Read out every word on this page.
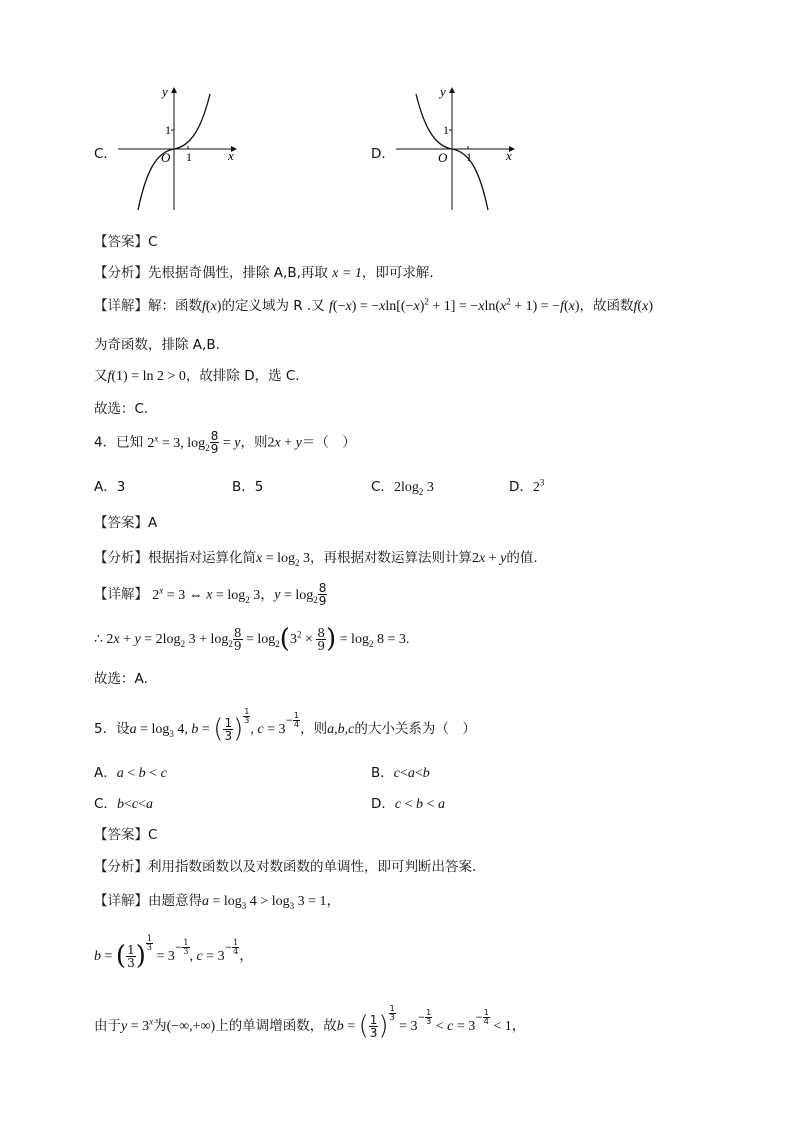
C．
y
x
O 1
1
D．
y
x
O 1
1
【答案】C
【分析】先根据奇偶性，排除 A,B,再取 x = 1，即可求解.
【详解】解：函数f(x)的定义域为 R .又 $f(-x) = -xln[(-x)^2 + 1] = -xln(x^2 + 1) = -f(x)$，故函数f(x)
为奇函数，排除 A,B.
又f(1) = ln 2 > 0，故排除 D，选 C.
故选：C.
4．已知 $2^x = 3$, $\log_2 \frac{8}{9} = y$，则2x + y＝（　）
A．3	B．5	C．$2\log_2$ 3	D．$2^3$
【答案】A
【分析】根据指对运算化简$x = \log_2 3$，再根据对数运算法则计算2x + y的值.
【详解】 $2^x = 3$ ⇔ $x = \log_2 3$，$y = \log_2 \frac{8}{9}$
∴ $2x + y = 2\log_2$ $3 + \log_2 \frac{8}{9} = \log_2(3^2 \times \frac{8}{9}$ ) = $\log_2 8 = 3$.
故选：A.
5．设$a = \log_3 4$, b = ( $\frac{1}{3}$ ) $^{\frac{1}{3}}$
, $c = 3^{- \frac{1}{4}}$ ，则a,b,c的大小关系为（　）
A．a < b < c	B．c<a<b
C．b<c<a	D．c < b < a
【答案】C
【分析】利用指数函数以及对数函数的单调性，即可判断出答案.
【详解】由题意得$a = \log_3 4 > \log_3 3 = 1$，
b = ( $\frac{1}{3}$ ) $^{\frac{1}{3}}$
= $3^{- \frac{1}{3}}$
, $c = 3^{- \frac{1}{4}}$
，
由于$y = 3^x$为(−∞,+∞)上的单调增函数，故b = ( $\frac{1}{3}$ ) $^{\frac{1}{3}}$
= $3^{- \frac{1}{3}}$
< $c = 3^{- \frac{1}{4}}$
< 1，
